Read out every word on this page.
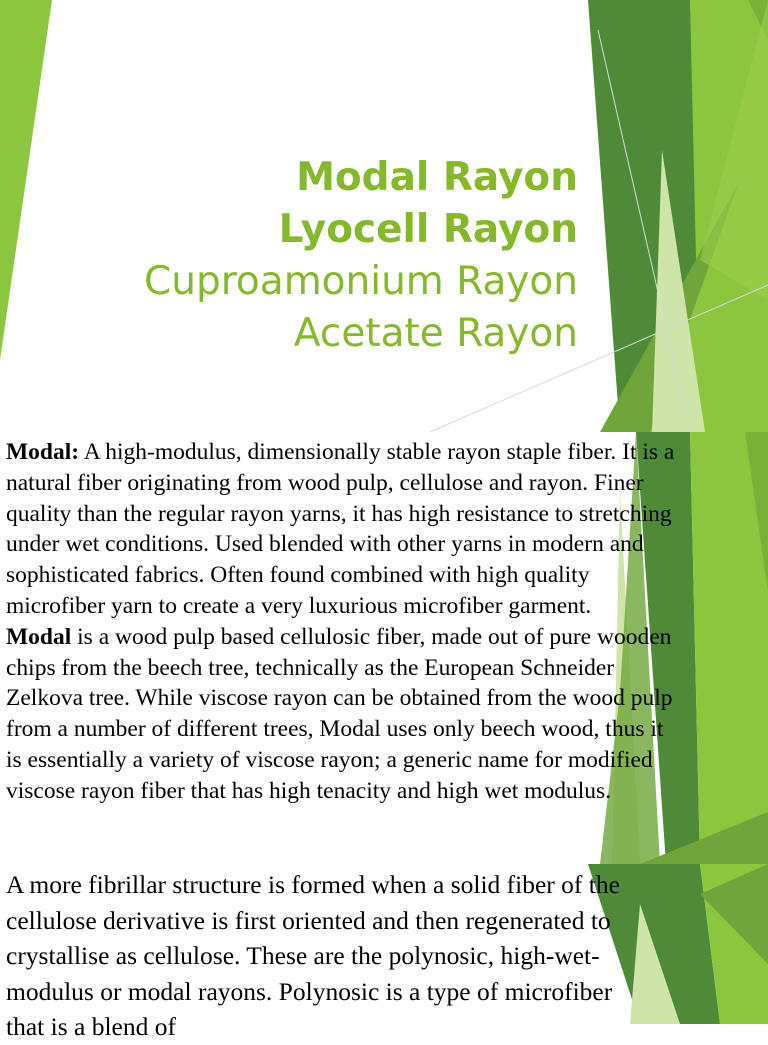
Modal Rayon
Lyocell Rayon
Cuproamonium Rayon
Acetate Rayon

Modal: A high-modulus, dimensionally stable rayon staple fiber. It is a natural fiber originating from wood pulp, cellulose and rayon. Finer quality than the regular rayon yarns, it has high resistance to stretching under wet conditions. Used blended with other yarns in modern and sophisticated fabrics. Often found combined with high quality microfiber yarn to create a very luxurious microfiber garment.

Modal is a wood pulp based cellulosic fiber, made out of pure wooden chips from the beech tree, technically as the European Schneider Zelkova tree. While viscose rayon can be obtained from the wood pulp from a number of different trees, Modal uses only beech wood, thus it is essentially a variety of viscose rayon; a generic name for modified viscose rayon fiber that has high tenacity and high wet modulus.

A more fibrillar structure is formed when a solid fiber of the cellulose derivative is first oriented and then regenerated to crystallise as cellulose. These are the polynosic, high-wet-modulus or modal rayons. Polynosic is a type of microfiber that is a blend of
